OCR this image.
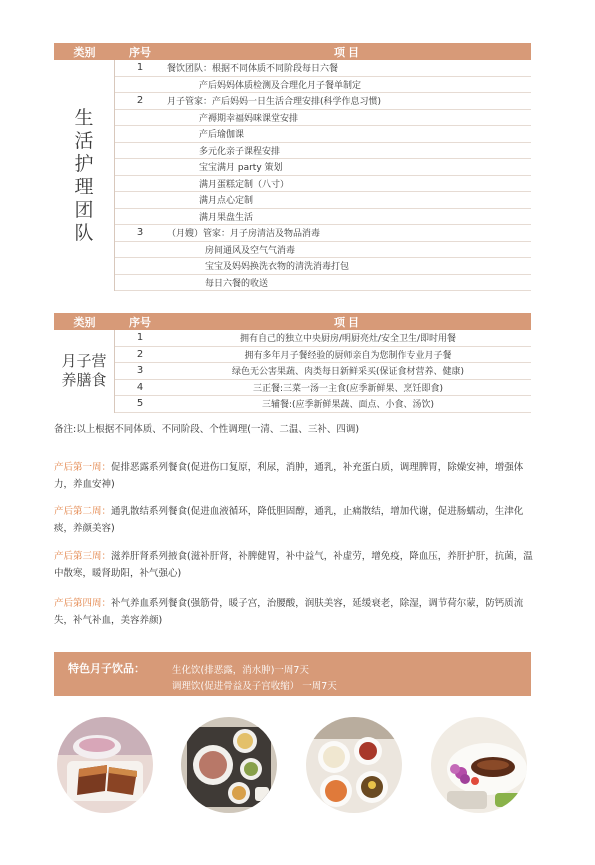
类别	序号	项目
生
活
护
理
团
队
1	餐饮团队：根据不同体质不同阶段每日六餐
产后妈妈体质检测及合理化月子餐单制定
2	月子管家：产后妈妈一日生活合理安排(科学作息习惯)
产褥期幸福妈咪课堂安排
产后瑜伽课
多元化亲子课程安排
宝宝满月 party 策划
满月蛋糕定制（八寸）
满月点心定制
满月果盘生活
3	（月嫂）管家：月子房清洁及物品消毒
房间通风及空气气消毒
宝宝及妈妈换洗衣物的清洗消毒打包
每日六餐的收送
类别	序号	项目
月子营
养膳食
1	拥有自己的独立中央厨房/明厨亮灶/安全卫生/即时用餐
2	拥有多年月子餐经验的厨师亲自为您制作专业月子餐
3	绿色无公害果蔬、肉类每日新鲜采买(保证食材营养、健康)
4	三正餐:三菜一汤一主食(应季新鲜果、烹饪即食)
5	三辅餐:(应季新鲜果蔬、面点、小食、汤饮)
备注:以上根据不同体质、不同阶段、个性调理(一清、二温、三补、四调)
产后第一周：促排恶露系列餐食(促进伤口复原，利尿，消肿，通乳，补充蛋白质，调理脾胃，除燥安神，增强体力，养血安神)
产后第二周：通乳散结系列餐食(促进血液循环，降低胆固醇，通乳，止痛散结，增加代谢，促进肠蠕动，生津化痰，养颜美容)
产后第三周：滋养肝肾系列掖食(滋补肝肾，补脾健胃，补中益气，补虚劳，增免疫，降血压，养肝护肝，抗菌，温中散寒，暖肾助阳，补气强心)
产后第四周：补气养血系列餐食(强筋骨，暖子宫，治腰酸，润肤美容，延缓衰老，除湿，调节荷尔蒙，防钙质流失，补气补血，美容养颜)
特色月子饮品：	生化饮(排恶露，消水肿)一周7天
调理饮(促进骨益及子宫收缩） 一周7天
